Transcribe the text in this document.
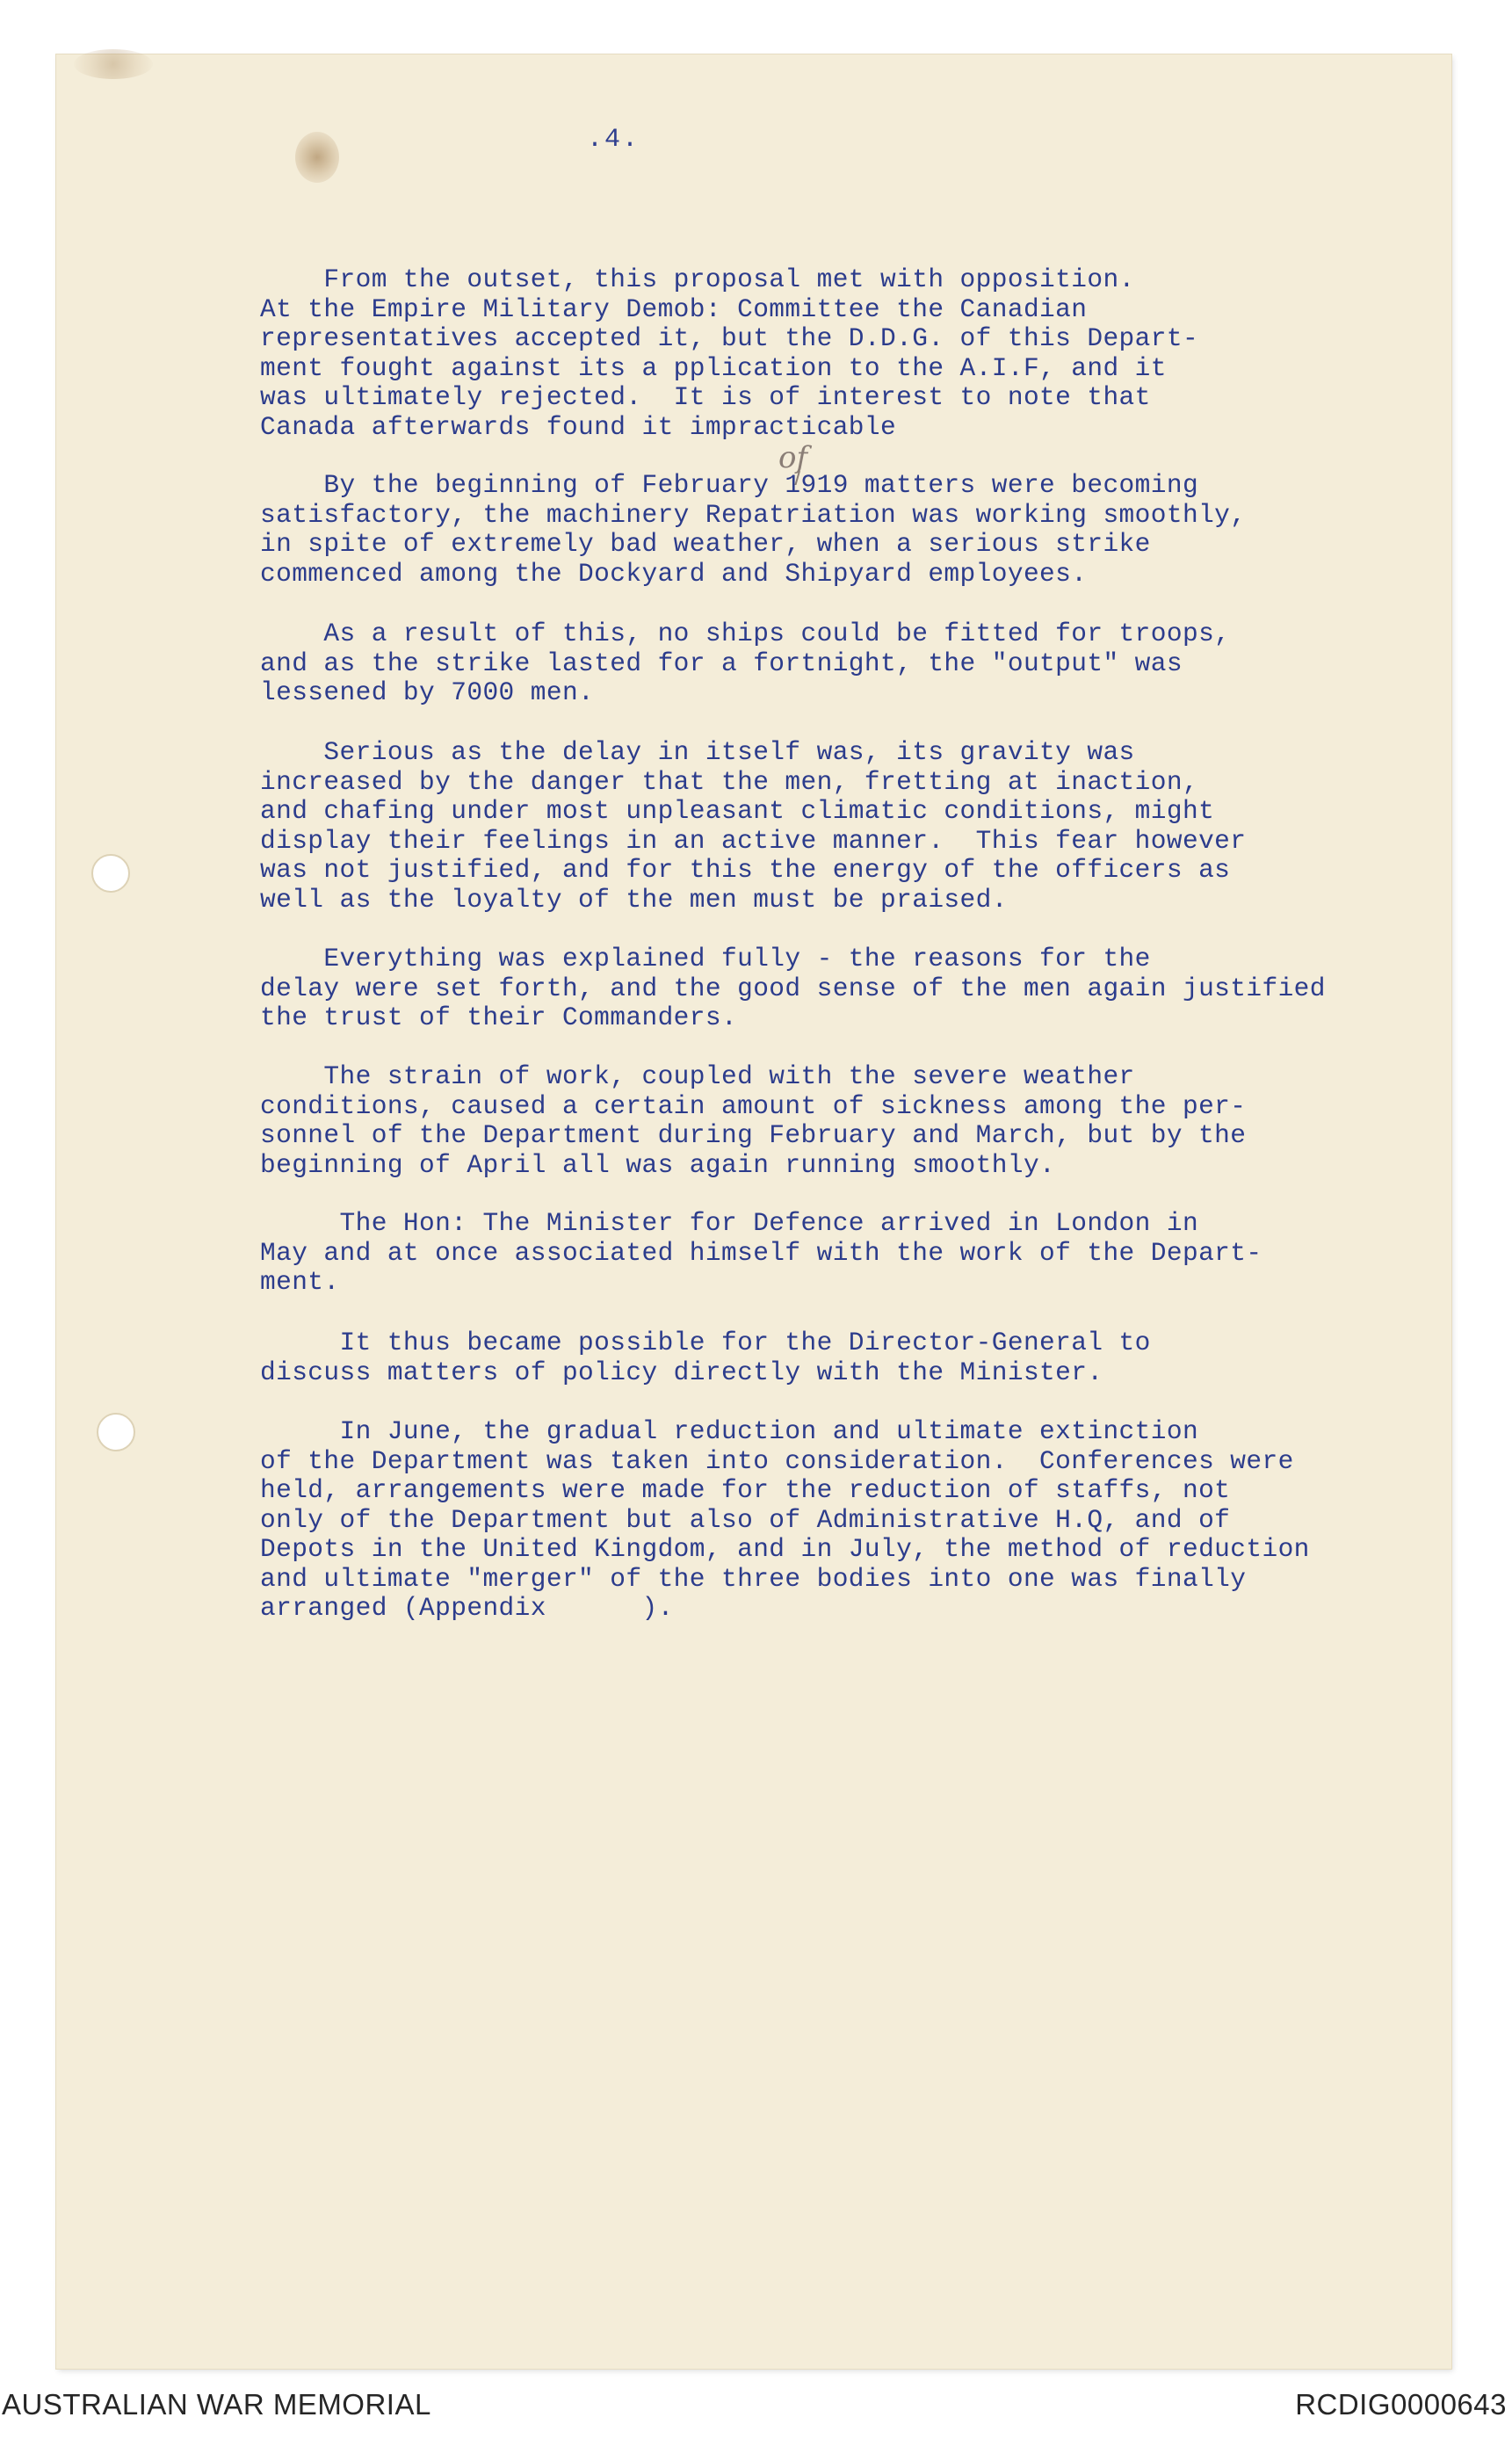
.4.
From the outset, this proposal met with opposition.
At the Empire Military Demob: Committee the Canadian
representatives accepted it, but the D.D.G. of this Depart-
ment fought against its a pplication to the A.I.F, and it
was ultimately rejected.  It is of interest to note that
Canada afterwards found it impracticable
By the beginning of February 1919 matters were becoming
satisfactory, the machinery Repatriation was working smoothly,
in spite of extremely bad weather, when a serious strike
commenced among the Dockyard and Shipyard employees.
As a result of this, no ships could be fitted for troops,
and as the strike lasted for a fortnight, the "output" was
lessened by 7000 men.
Serious as the delay in itself was, its gravity was
increased by the danger that the men, fretting at inaction,
and chafing under most unpleasant climatic conditions, might
display their feelings in an active manner.  This fear however
was not justified, and for this the energy of the officers as
well as the loyalty of the men must be praised.
Everything was explained fully - the reasons for the
delay were set forth, and the good sense of the men again justified
the trust of their Commanders.
The strain of work, coupled with the severe weather
conditions, caused a certain amount of sickness among the per-
sonnel of the Department during February and March, but by the
beginning of April all was again running smoothly.
The Hon: The Minister for Defence arrived in London in
May and at once associated himself with the work of the Depart-
ment.
It thus became possible for the Director-General to
discuss matters of policy directly with the Minister.
In June, the gradual reduction and ultimate extinction
of the Department was taken into consideration.  Conferences were
held, arrangements were made for the reduction of staffs, not
only of the Department but also of Administrative H.Q, and of
Depots in the United Kingdom, and in July, the method of reduction
and ultimate "merger" of the three bodies into one was finally
arranged (Appendix      ).
of
AUSTRALIAN WAR MEMORIAL	RCDIG0000643
